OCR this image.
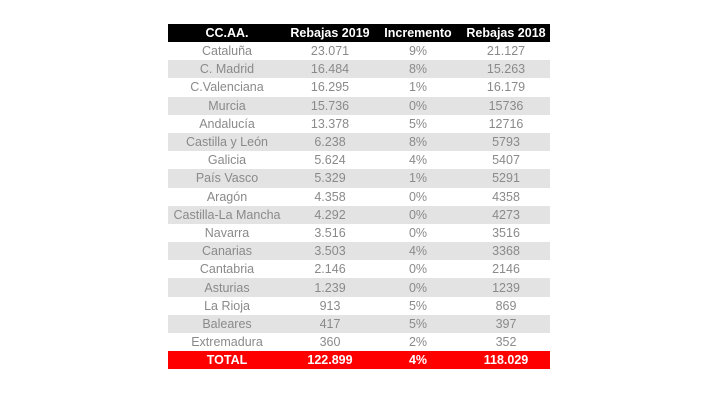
CC.AA.	Rebajas 2019	Incremento	Rebajas 2018
Cataluña	23.071	9%	21.127
C. Madrid	16.484	8%	15.263
C.Valenciana	16.295	1%	16.179
Murcia	15.736	0%	15736
Andalucía	13.378	5%	12716
Castilla y León	6.238	8%	5793
Galicia	5.624	4%	5407
País Vasco	5.329	1%	5291
Aragón	4.358	0%	4358
Castilla-La Mancha	4.292	0%	4273
Navarra	3.516	0%	3516
Canarias	3.503	4%	3368
Cantabria	2.146	0%	2146
Asturias	1.239	0%	1239
La Rioja	913	5%	869
Baleares	417	5%	397
Extremadura	360	2%	352
TOTAL	122.899	4%	118.029
